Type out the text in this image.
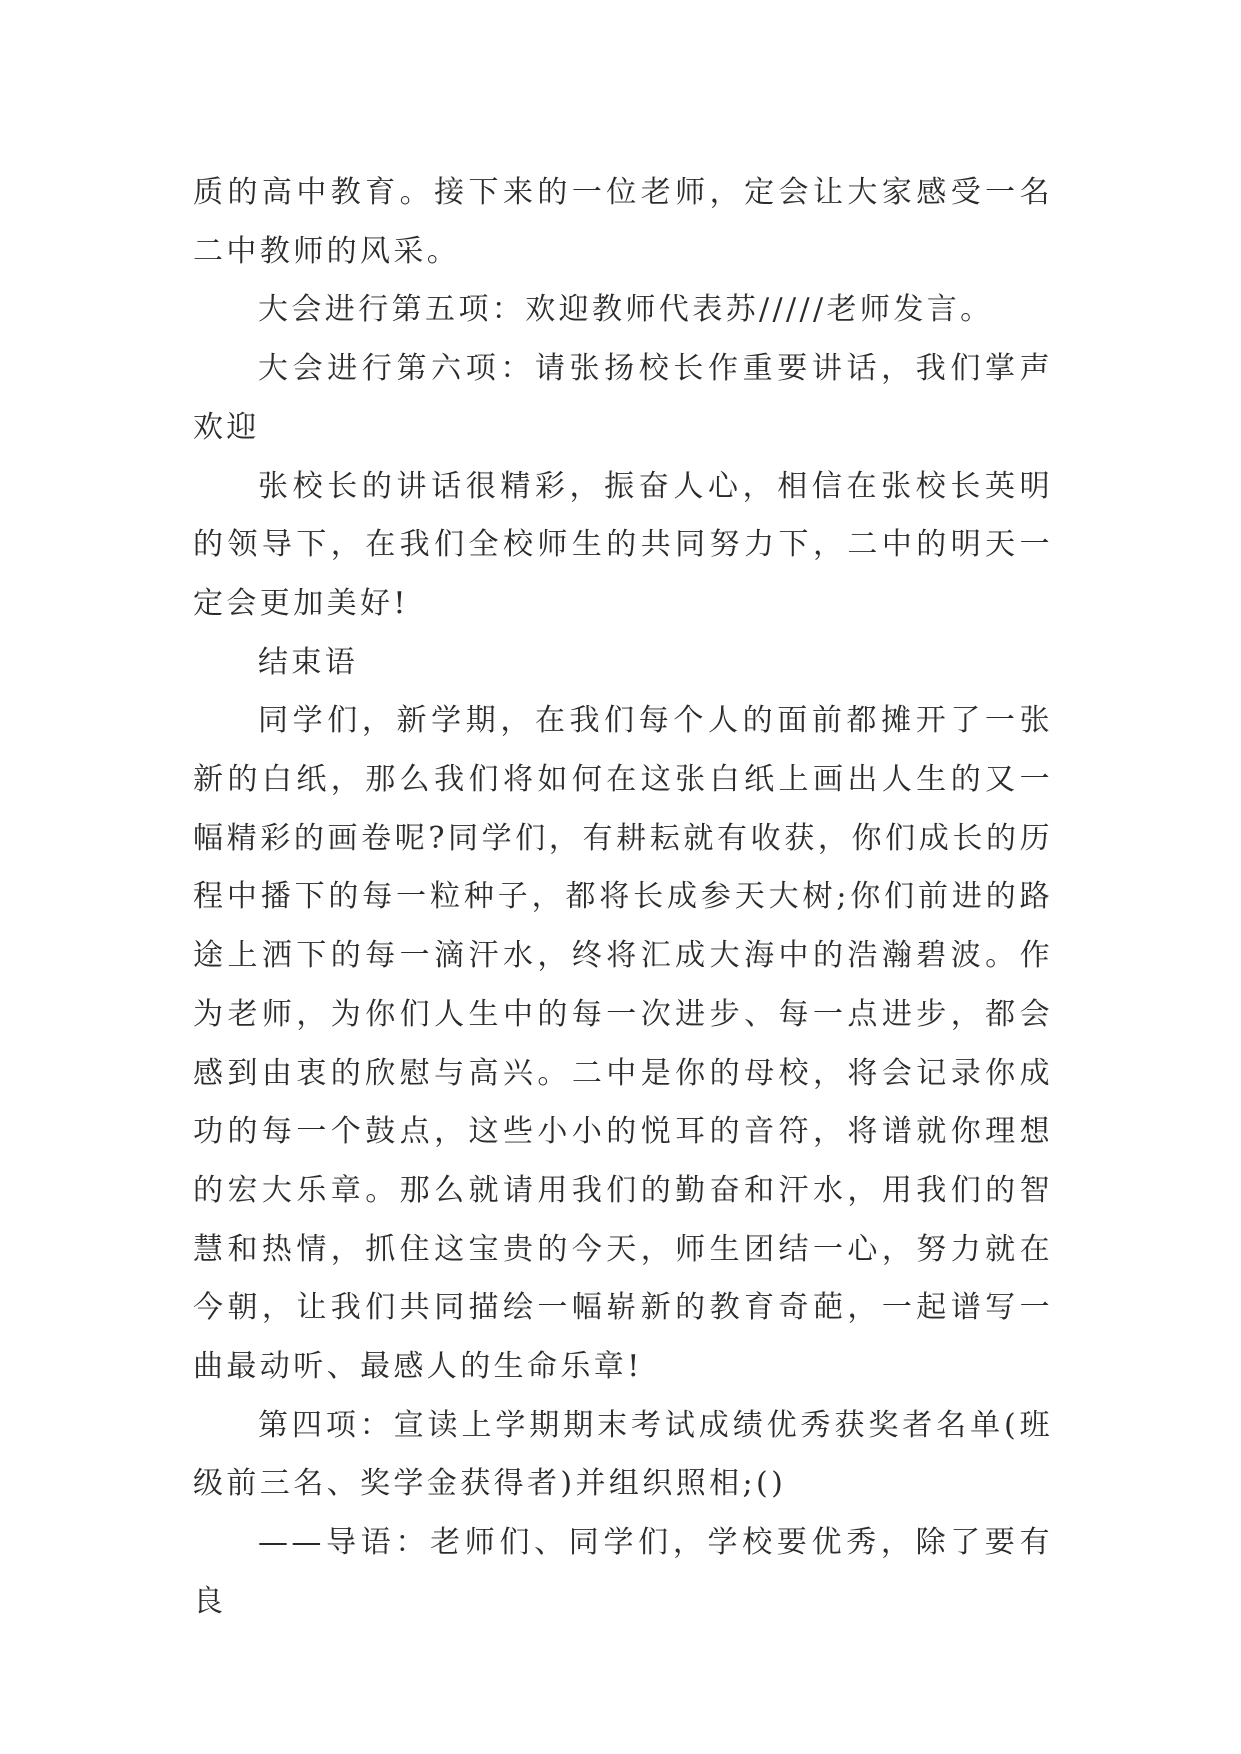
质的高中教育。接下来的一位老师，定会让大家感受一名二中教师的风采。

大会进行第五项：欢迎教师代表苏/////老师发言。

大会进行第六项：请张扬校长作重要讲话，我们掌声欢迎

张校长的讲话很精彩，振奋人心，相信在张校长英明的领导下，在我们全校师生的共同努力下，二中的明天一定会更加美好!

结束语

同学们，新学期，在我们每个人的面前都摊开了一张新的白纸，那么我们将如何在这张白纸上画出人生的又一幅精彩的画卷呢?同学们，有耕耘就有收获，你们成长的历程中播下的每一粒种子，都将长成参天大树;你们前进的路途上洒下的每一滴汗水，终将汇成大海中的浩瀚碧波。作为老师，为你们人生中的每一次进步、每一点进步，都会感到由衷的欣慰与高兴。二中是你的母校，将会记录你成功的每一个鼓点，这些小小的悦耳的音符，将谱就你理想的宏大乐章。那么就请用我们的勤奋和汗水，用我们的智慧和热情，抓住这宝贵的今天，师生团结一心，努力就在今朝，让我们共同描绘一幅崭新的教育奇葩，一起谱写一曲最动听、最感人的生命乐章!

第四项：宣读上学期期末考试成绩优秀获奖者名单(班级前三名、奖学金获得者)并组织照相;()

——导语：老师们、同学们，学校要优秀，除了要有良
